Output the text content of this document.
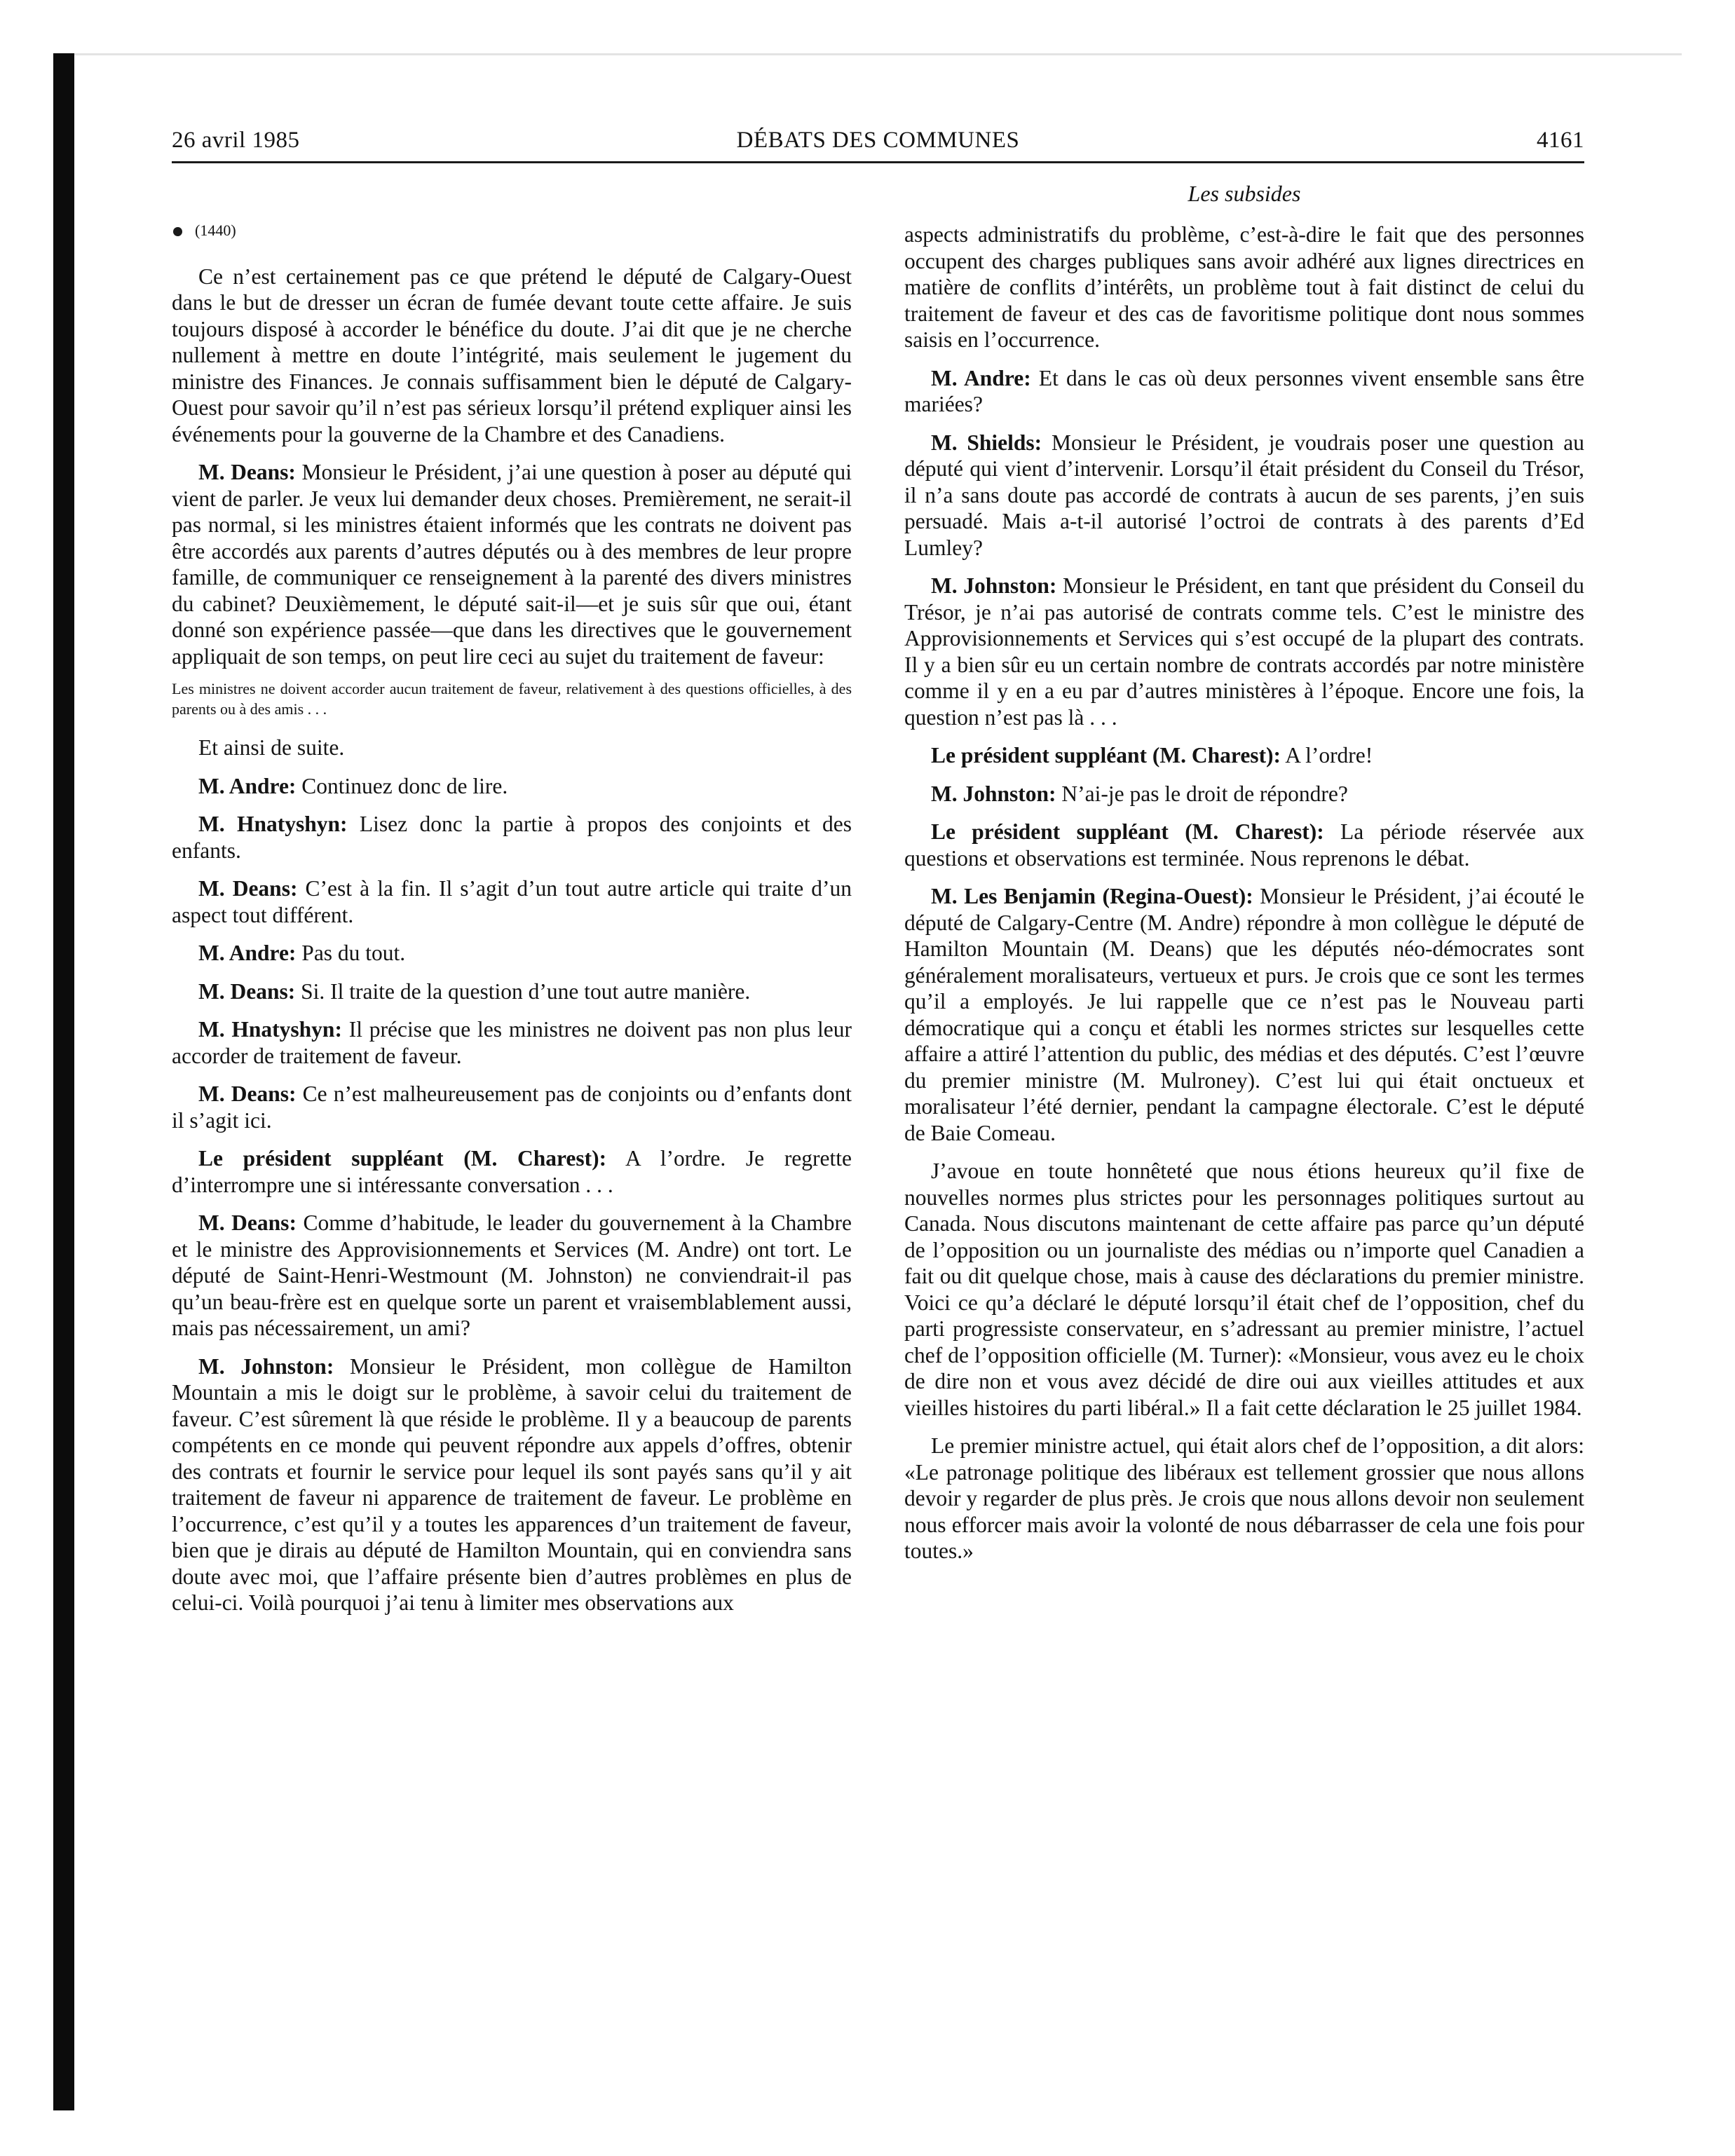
26 avril 1985	DÉBATS DES COMMUNES	4161
Les subsides
(1440)

Ce n’est certainement pas ce que prétend le député de Calgary-Ouest dans le but de dresser un écran de fumée devant toute cette affaire. Je suis toujours disposé à accorder le bénéfice du doute. J’ai dit que je ne cherche nullement à mettre en doute l’intégrité, mais seulement le jugement du ministre des Finances. Je connais suffisamment bien le député de Calgary-Ouest pour savoir qu’il n’est pas sérieux lorsqu’il prétend expliquer ainsi les événements pour la gouverne de la Chambre et des Canadiens.

M. Deans: Monsieur le Président, j’ai une question à poser au député qui vient de parler. Je veux lui demander deux choses. Premièrement, ne serait-il pas normal, si les ministres étaient informés que les contrats ne doivent pas être accordés aux parents d’autres députés ou à des membres de leur propre famille, de communiquer ce renseignement à la parenté des divers ministres du cabinet? Deuxièmement, le député sait-il—et je suis sûr que oui, étant donné son expérience passée—que dans les directives que le gouvernement appliquait de son temps, on peut lire ceci au sujet du traitement de faveur:

Les ministres ne doivent accorder aucun traitement de faveur, relativement à des questions officielles, à des parents ou à des amis . . .

Et ainsi de suite.

M. Andre: Continuez donc de lire.

M. Hnatyshyn: Lisez donc la partie à propos des conjoints et des enfants.

M. Deans: C’est à la fin. Il s’agit d’un tout autre article qui traite d’un aspect tout différent.

M. Andre: Pas du tout.

M. Deans: Si. Il traite de la question d’une tout autre manière.

M. Hnatyshyn: Il précise que les ministres ne doivent pas non plus leur accorder de traitement de faveur.

M. Deans: Ce n’est malheureusement pas de conjoints ou d’enfants dont il s’agit ici.

Le président suppléant (M. Charest): A l’ordre. Je regrette d’interrompre une si intéressante conversation . . .

M. Deans: Comme d’habitude, le leader du gouvernement à la Chambre et le ministre des Approvisionnements et Services (M. Andre) ont tort. Le député de Saint-Henri-Westmount (M. Johnston) ne conviendrait-il pas qu’un beau-frère est en quelque sorte un parent et vraisemblablement aussi, mais pas nécessairement, un ami?

M. Johnston: Monsieur le Président, mon collègue de Hamilton Mountain a mis le doigt sur le problème, à savoir celui du traitement de faveur. C’est sûrement là que réside le problème. Il y a beaucoup de parents compétents en ce monde qui peuvent répondre aux appels d’offres, obtenir des contrats et fournir le service pour lequel ils sont payés sans qu’il y ait traitement de faveur ni apparence de traitement de faveur. Le problème en l’occurrence, c’est qu’il y a toutes les apparences d’un traitement de faveur, bien que je dirais au député de Hamilton Mountain, qui en conviendra sans doute avec moi, que l’affaire présente bien d’autres problèmes en plus de celui-ci. Voilà pourquoi j’ai tenu à limiter mes observations aux

aspects administratifs du problème, c’est-à-dire le fait que des personnes occupent des charges publiques sans avoir adhéré aux lignes directrices en matière de conflits d’intérêts, un problème tout à fait distinct de celui du traitement de faveur et des cas de favoritisme politique dont nous sommes saisis en l’occurrence.

M. Andre: Et dans le cas où deux personnes vivent ensemble sans être mariées?

M. Shields: Monsieur le Président, je voudrais poser une question au député qui vient d’intervenir. Lorsqu’il était président du Conseil du Trésor, il n’a sans doute pas accordé de contrats à aucun de ses parents, j’en suis persuadé. Mais a-t-il autorisé l’octroi de contrats à des parents d’Ed Lumley?

M. Johnston: Monsieur le Président, en tant que président du Conseil du Trésor, je n’ai pas autorisé de contrats comme tels. C’est le ministre des Approvisionnements et Services qui s’est occupé de la plupart des contrats. Il y a bien sûr eu un certain nombre de contrats accordés par notre ministère comme il y en a eu par d’autres ministères à l’époque. Encore une fois, la question n’est pas là . . .

Le président suppléant (M. Charest): A l’ordre!

M. Johnston: N’ai-je pas le droit de répondre?

Le président suppléant (M. Charest): La période réservée aux questions et observations est terminée. Nous reprenons le débat.

M. Les Benjamin (Regina-Ouest): Monsieur le Président, j’ai écouté le député de Calgary-Centre (M. Andre) répondre à mon collègue le député de Hamilton Mountain (M. Deans) que les députés néo-démocrates sont généralement moralisateurs, vertueux et purs. Je crois que ce sont les termes qu’il a employés. Je lui rappelle que ce n’est pas le Nouveau parti démocratique qui a conçu et établi les normes strictes sur lesquelles cette affaire a attiré l’attention du public, des médias et des députés. C’est l’œuvre du premier ministre (M. Mulroney). C’est lui qui était onctueux et moralisateur l’été dernier, pendant la campagne électorale. C’est le député de Baie Comeau.

J’avoue en toute honnêteté que nous étions heureux qu’il fixe de nouvelles normes plus strictes pour les personnages politiques surtout au Canada. Nous discutons maintenant de cette affaire pas parce qu’un député de l’opposition ou un journaliste des médias ou n’importe quel Canadien a fait ou dit quelque chose, mais à cause des déclarations du premier ministre. Voici ce qu’a déclaré le député lorsqu’il était chef de l’opposition, chef du parti progressiste conservateur, en s’adressant au premier ministre, l’actuel chef de l’opposition officielle (M. Turner): «Monsieur, vous avez eu le choix de dire non et vous avez décidé de dire oui aux vieilles attitudes et aux vieilles histoires du parti libéral.» Il a fait cette déclaration le 25 juillet 1984.

Le premier ministre actuel, qui était alors chef de l’opposition, a dit alors: «Le patronage politique des libéraux est tellement grossier que nous allons devoir y regarder de plus près. Je crois que nous allons devoir non seulement nous efforcer mais avoir la volonté de nous débarrasser de cela une fois pour toutes.»
